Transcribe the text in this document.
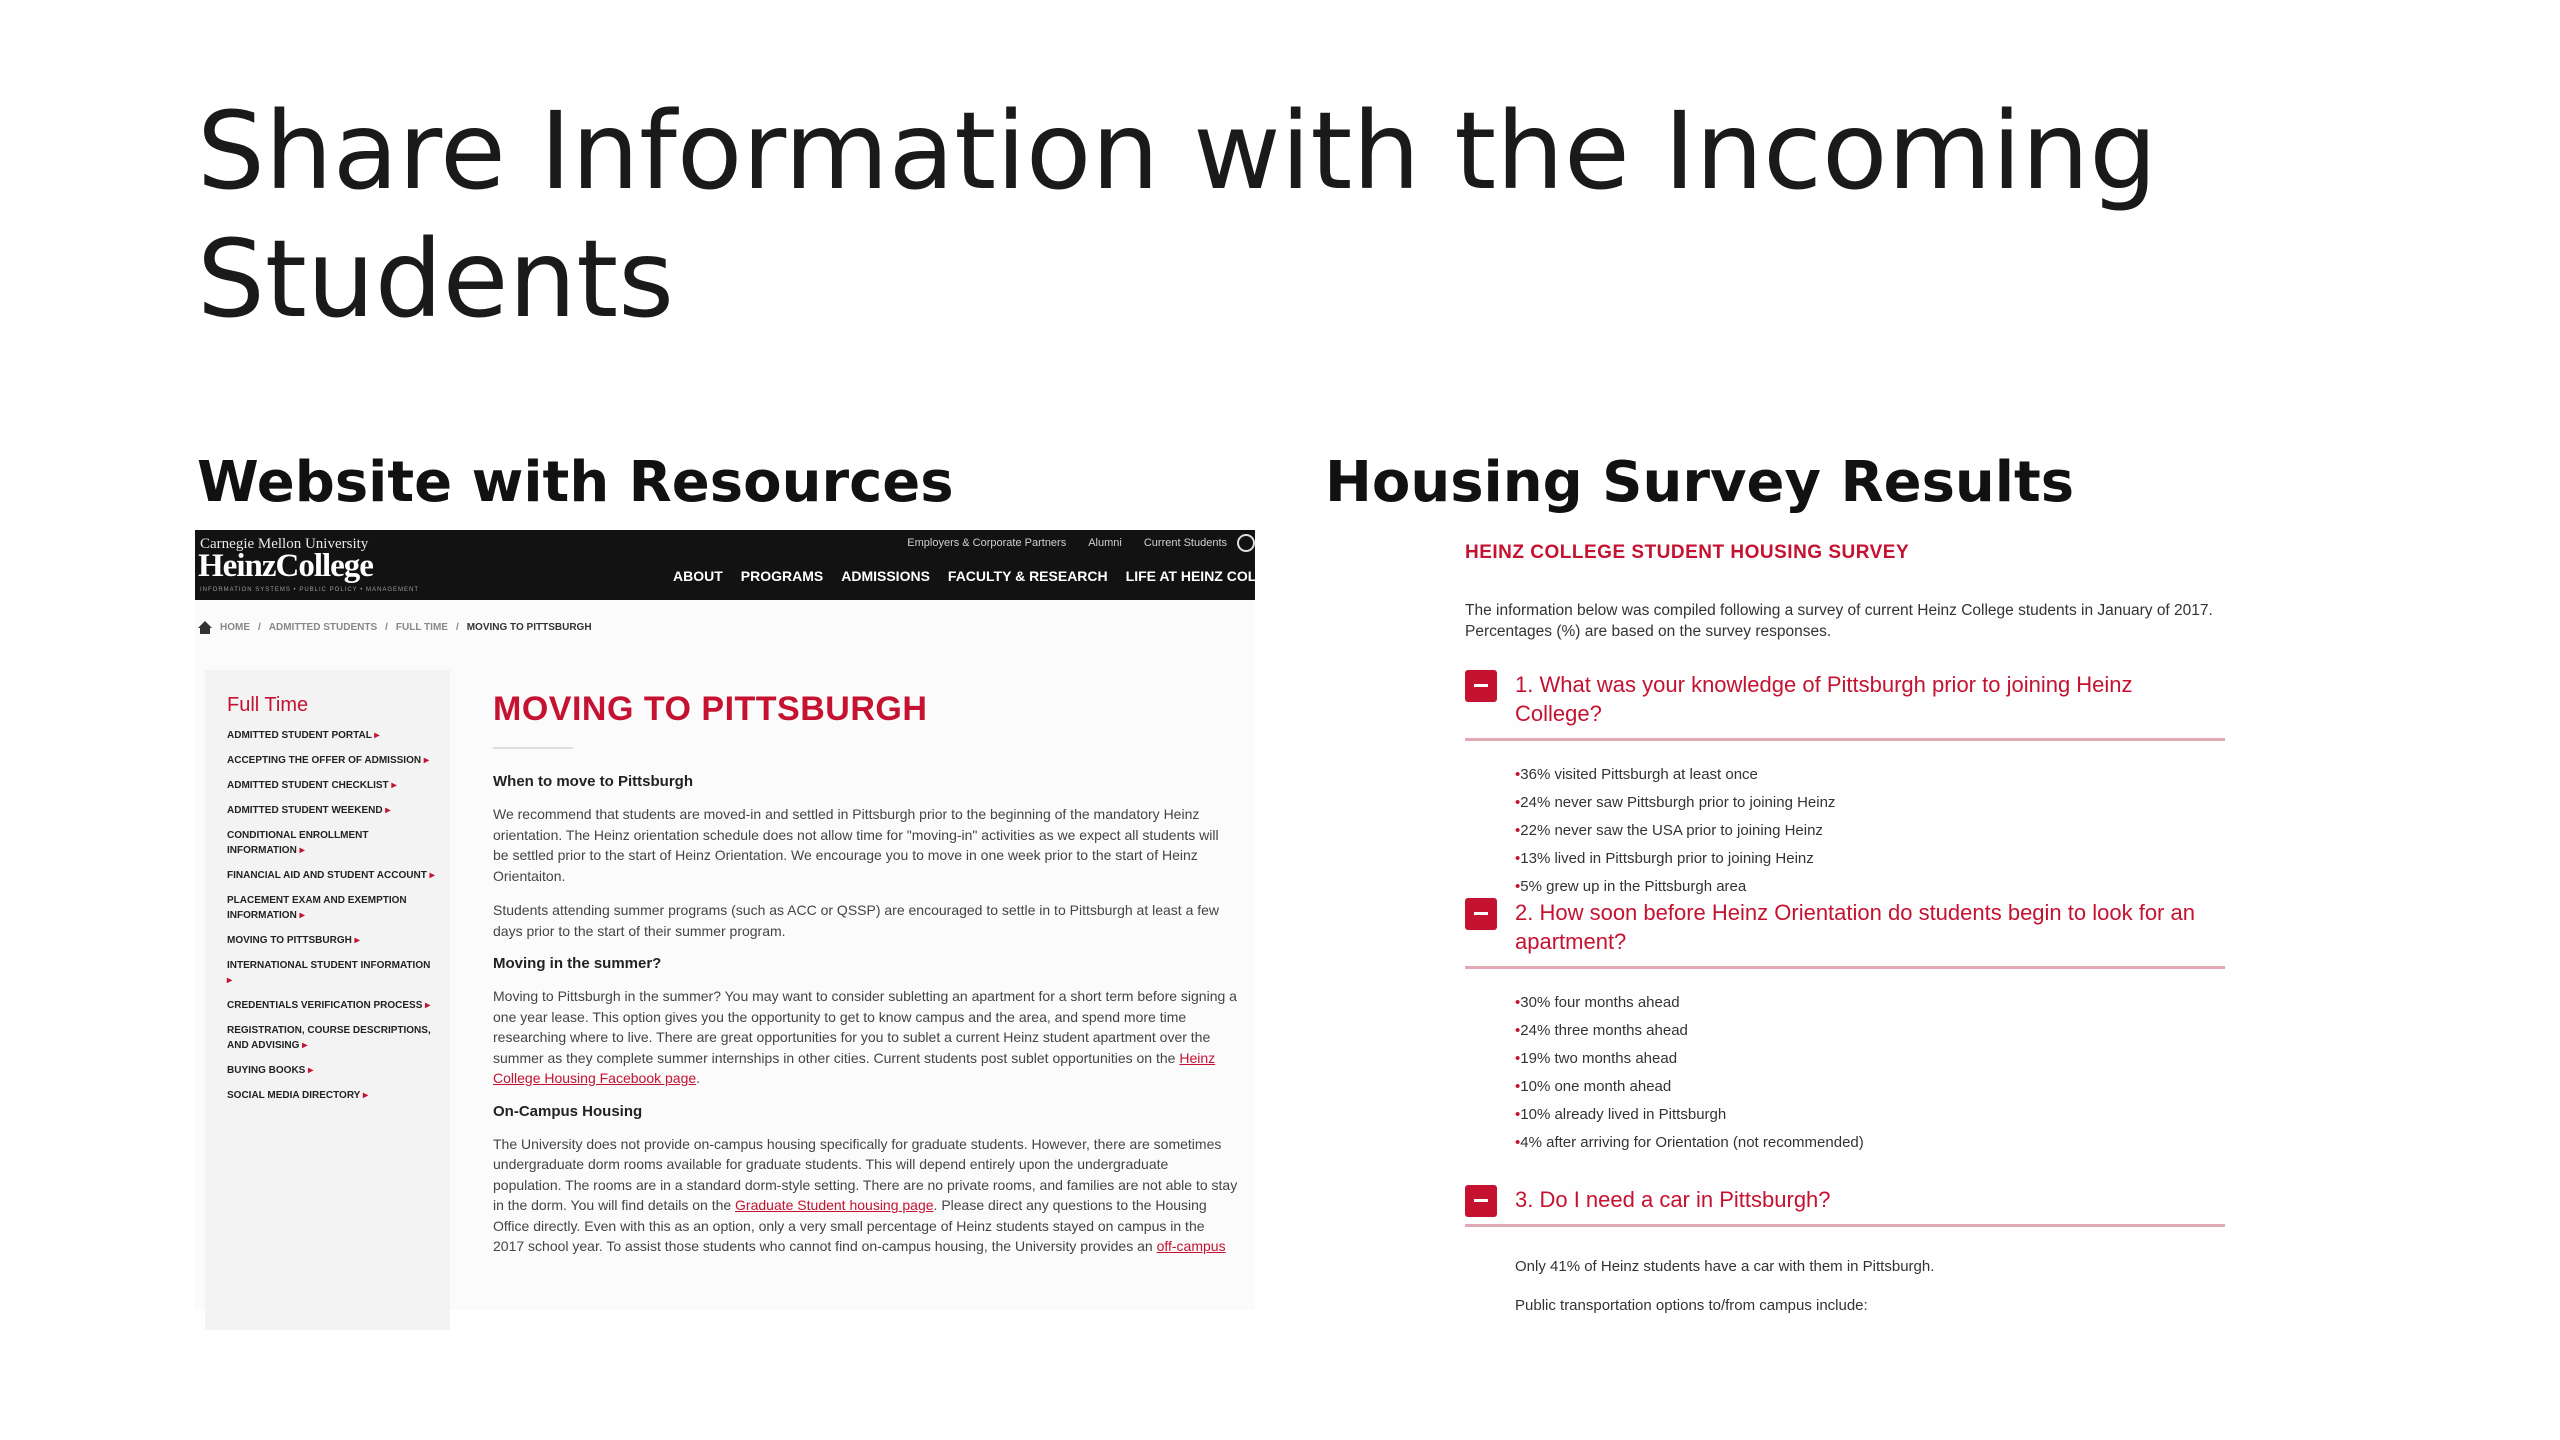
Share Information with the Incoming Students
Website with Resources	Housing Survey Results
Carnegie Mellon University
HeinzCollege
INFORMATION SYSTEMS • PUBLIC POLICY • MANAGEMENT
Employers & Corporate Partners Alumni Current Students
ABOUT PROGRAMS ADMISSIONS FACULTY & RESEARCH LIFE AT HEINZ COLLEGE
HOME / ADMITTED STUDENTS / FULL TIME / MOVING TO PITTSBURGH
Full Time
ADMITTED STUDENT PORTAL ▸
ACCEPTING THE OFFER OF ADMISSION ▸
ADMITTED STUDENT CHECKLIST ▸
ADMITTED STUDENT WEEKEND ▸
CONDITIONAL ENROLLMENT INFORMATION ▸
FINANCIAL AID AND STUDENT ACCOUNT ▸
PLACEMENT EXAM AND EXEMPTION INFORMATION ▸
MOVING TO PITTSBURGH ▸
INTERNATIONAL STUDENT INFORMATION ▸
CREDENTIALS VERIFICATION PROCESS ▸
REGISTRATION, COURSE DESCRIPTIONS, AND ADVISING ▸
BUYING BOOKS ▸
SOCIAL MEDIA DIRECTORY ▸
MOVING TO PITTSBURGH

When to move to Pittsburgh

We recommend that students are moved-in and settled in Pittsburgh prior to the beginning of the mandatory Heinz orientation. The Heinz orientation schedule does not allow time for "moving-in" activities as we expect all students will be settled prior to the start of Heinz Orientation. We encourage you to move in one week prior to the start of Heinz Orientaiton.

Students attending summer programs (such as ACC or QSSP) are encouraged to settle in to Pittsburgh at least a few days prior to the start of their summer program.

Moving in the summer?

Moving to Pittsburgh in the summer? You may want to consider subletting an apartment for a short term before signing a one year lease. This option gives you the opportunity to get to know campus and the area, and spend more time researching where to live. There are great opportunities for you to sublet a current Heinz student apartment over the summer as they complete summer internships in other cities. Current students post sublet opportunities on the Heinz College Housing Facebook page.

On-Campus Housing

The University does not provide on-campus housing specifically for graduate students. However, there are sometimes undergraduate dorm rooms available for graduate students. This will depend entirely upon the undergraduate population. The rooms are in a standard dorm-style setting. There are no private rooms, and families are not able to stay in the dorm. You will find details on the Graduate Student housing page. Please direct any questions to the Housing Office directly. Even with this as an option, only a very small percentage of Heinz students stayed on campus in the 2017 school year. To assist those students who cannot find on-campus housing, the University provides an off-campus

HEINZ COLLEGE STUDENT HOUSING SURVEY
The information below was compiled following a survey of current Heinz College students in January of 2017. Percentages (%) are based on the survey responses.
1. What was your knowledge of Pittsburgh prior to joining Heinz College?
• 36% visited Pittsburgh at least once
• 24% never saw Pittsburgh prior to joining Heinz
• 22% never saw the USA prior to joining Heinz
• 13% lived in Pittsburgh prior to joining Heinz
• 5% grew up in the Pittsburgh area
2. How soon before Heinz Orientation do students begin to look for an apartment?
• 30% four months ahead
• 24% three months ahead
• 19% two months ahead
• 10% one month ahead
• 10% already lived in Pittsburgh
• 4% after arriving for Orientation (not recommended)
3. Do I need a car in Pittsburgh?
Only 41% of Heinz students have a car with them in Pittsburgh.
Public transportation options to/from campus include:
